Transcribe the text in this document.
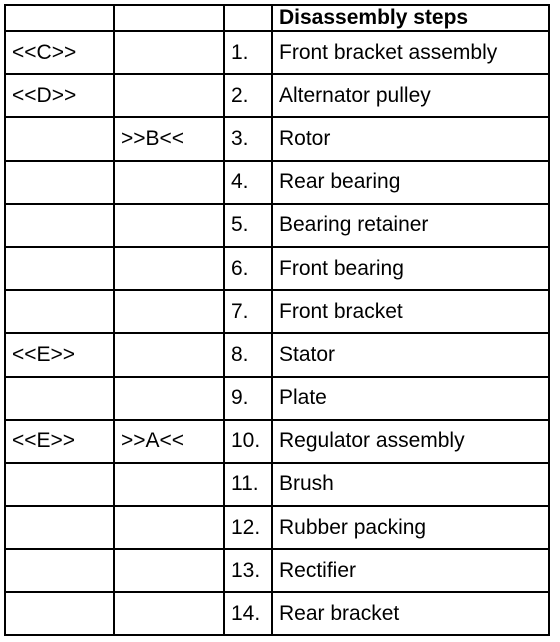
			Disassembly steps
<<C>>		1.	Front bracket assembly
<<D>>		2.	Alternator pulley
	>>B<<	3.	Rotor
		4.	Rear bearing
		5.	Bearing retainer
		6.	Front bearing
		7.	Front bracket
<<E>>		8.	Stator
		9.	Plate
<<E>>	>>A<<	10.	Regulator assembly
		11.	Brush
		12.	Rubber packing
		13.	Rectifier
		14.	Rear bracket
